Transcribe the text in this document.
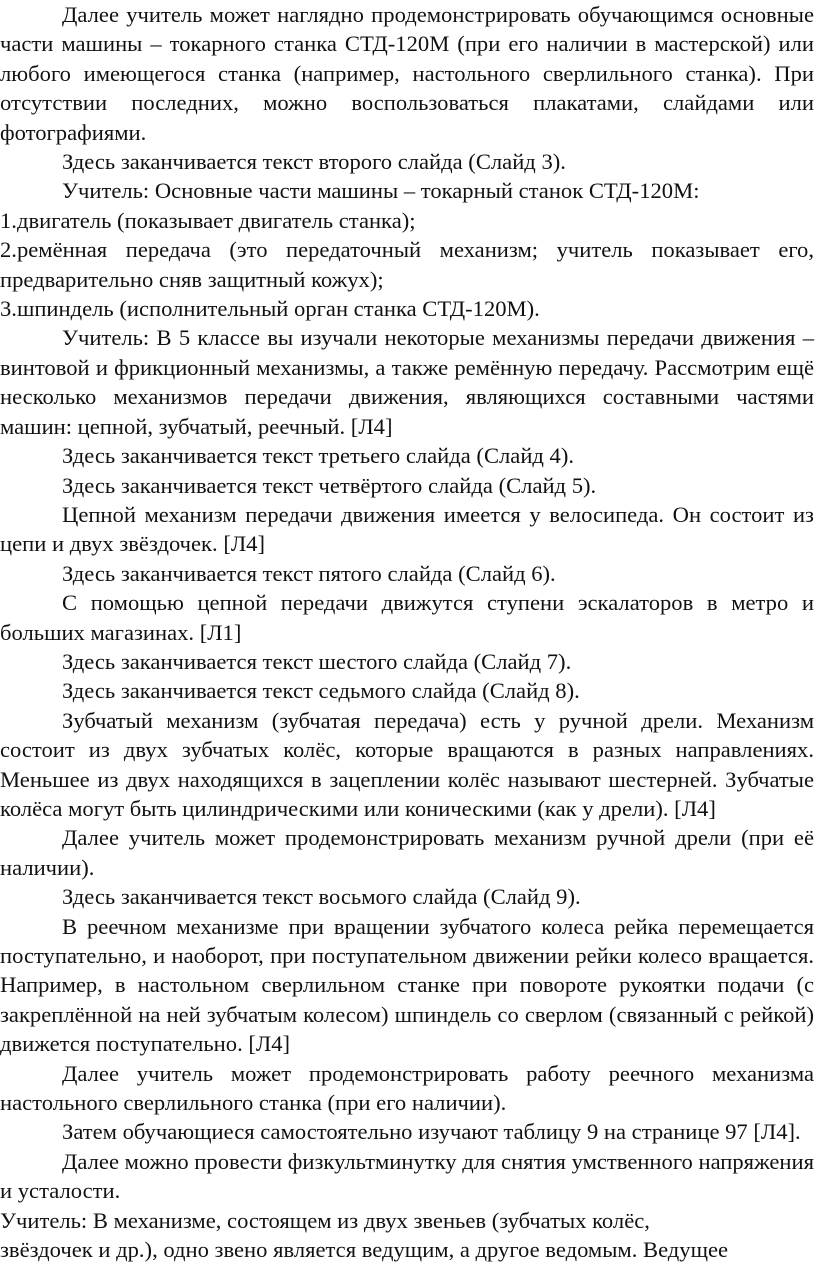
Далее учитель может наглядно продемонстрировать обучающимся основные части машины – токарного станка СТД-120М (при его наличии в мастерской) или любого имеющегося станка (например, настольного сверлильного станка). При отсутствии последних, можно воспользоваться плакатами, слайдами или фотографиями.

Здесь заканчивается текст второго слайда (Слайд 3).

Учитель: Основные части машины – токарный станок СТД-120М:

1.двигатель (показывает двигатель станка);

2.ремённая передача (это передаточный механизм; учитель показывает его, предварительно сняв защитный кожух);

3.шпиндель (исполнительный орган станка СТД-120М).

Учитель: В 5 классе вы изучали некоторые механизмы передачи движения – винтовой и фрикционный механизмы, а также ремённую передачу. Рассмотрим ещё несколько механизмов передачи движения, являющихся составными частями машин: цепной, зубчатый, реечный. [Л4]

Здесь заканчивается текст третьего слайда (Слайд 4).

Здесь заканчивается текст четвёртого слайда (Слайд 5).

Цепной механизм передачи движения имеется у велосипеда. Он состоит из цепи и двух звёздочек. [Л4]

Здесь заканчивается текст пятого слайда (Слайд 6).

С помощью цепной передачи движутся ступени эскалаторов в метро и больших магазинах. [Л1]

Здесь заканчивается текст шестого слайда (Слайд 7).

Здесь заканчивается текст седьмого слайда (Слайд 8).

Зубчатый механизм (зубчатая передача) есть у ручной дрели. Механизм состоит из двух зубчатых колёс, которые вращаются в разных направлениях. Меньшее из двух находящихся в зацеплении колёс называют шестерней. Зубчатые колёса могут быть цилиндрическими или коническими (как у дрели). [Л4]

Далее учитель может продемонстрировать механизм ручной дрели (при её наличии).

Здесь заканчивается текст восьмого слайда (Слайд 9).

В реечном механизме при вращении зубчатого колеса рейка перемещается поступательно, и наоборот, при поступательном движении рейки колесо вращается. Например, в настольном сверлильном станке при повороте рукоятки подачи (с закреплённой на ней зубчатым колесом) шпиндель со сверлом (связанный с рейкой) движется поступательно. [Л4]

Далее учитель может продемонстрировать работу реечного механизма настольного сверлильного станка (при его наличии).

Затем обучающиеся самостоятельно изучают таблицу 9 на странице 97 [Л4].

Далее можно провести физкультминутку для снятия умственного напряжения и усталости.

Учитель: В механизме, состоящем из двух звеньев (зубчатых колёс,

звёздочек и др.), одно звено является ведущим, а другое ведомым. Ведущее
